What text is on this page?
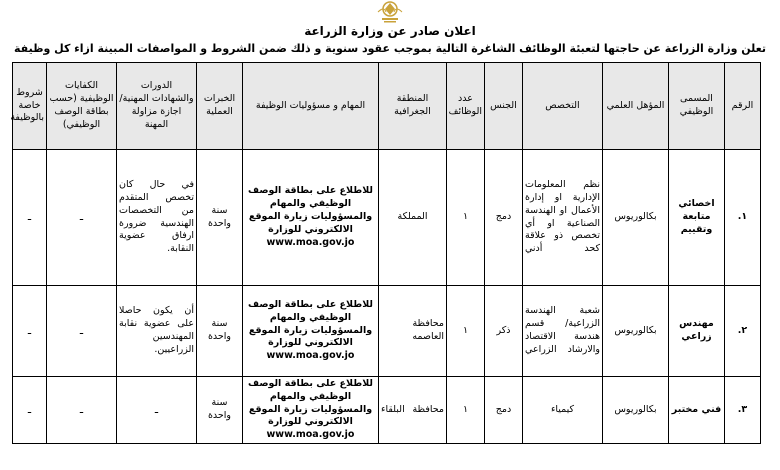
اعلان صادر عن وزارة الزراعة
تعلن وزارة الزراعة عن حاجتها لتعبئة الوظائف الشاغرة التالية بموجب عقود سنوية و ذلك ضمن الشروط و المواصفات المبينة ازاء كل وظيفة
الرقم	المسمى الوظيفي	المؤهل العلمي	التخصص	الجنس	عدد الوظائف	المنطقة الجغرافية	المهام و مسؤوليات الوظيفة	الخبرات العملية	الدورات والشهادات المهنية/اجازة مزاولة المهنة	الكفايات الوظيفية (حسب بطاقة الوصف الوظيفي)	شروط خاصة بالوظيفة
١.	اخصائي متابعة وتقييم	بكالوريوس	نظم المعلومات الإدارية او إدارة الأعمال او الهندسة الصناعية او أي تخصص ذو علاقة كحد أدني	دمج	١	المملكة	للاطلاع على بطاقة الوصف الوظيفي والمهام والمسؤوليات زيارة الموقع الالكتروني للوزارة www.moa.gov.jo	سنة واحدة	في حال كان تخصص المتقدم من التخصصات الهندسية ضرورة ارفاق عضوية النقابة.	ـ	ـ
٢.	مهندس زراعي	بكالوريوس	شعبة الهندسة الزراعية/ قسم هندسة الاقتصاد والارشاد الزراعي	ذكر	١	محافظة العاصمه	للاطلاع على بطاقة الوصف الوظيفي والمهام والمسؤوليات زيارة الموقع الالكتروني للوزارة www.moa.gov.jo	سنة واحدة	أن يكون حاصلا على عضوية نقابة المهندسين الزراعيين.	ـ	ـ
٣.	فني مختبر	بكالوريوس	كيمياء	دمج	١	محافظة البلقاء	للاطلاع على بطاقة الوصف الوظيفي والمهام والمسؤوليات زيارة الموقع الالكتروني للوزارة www.moa.gov.jo	سنة واحدة	ـ	ـ	ـ
